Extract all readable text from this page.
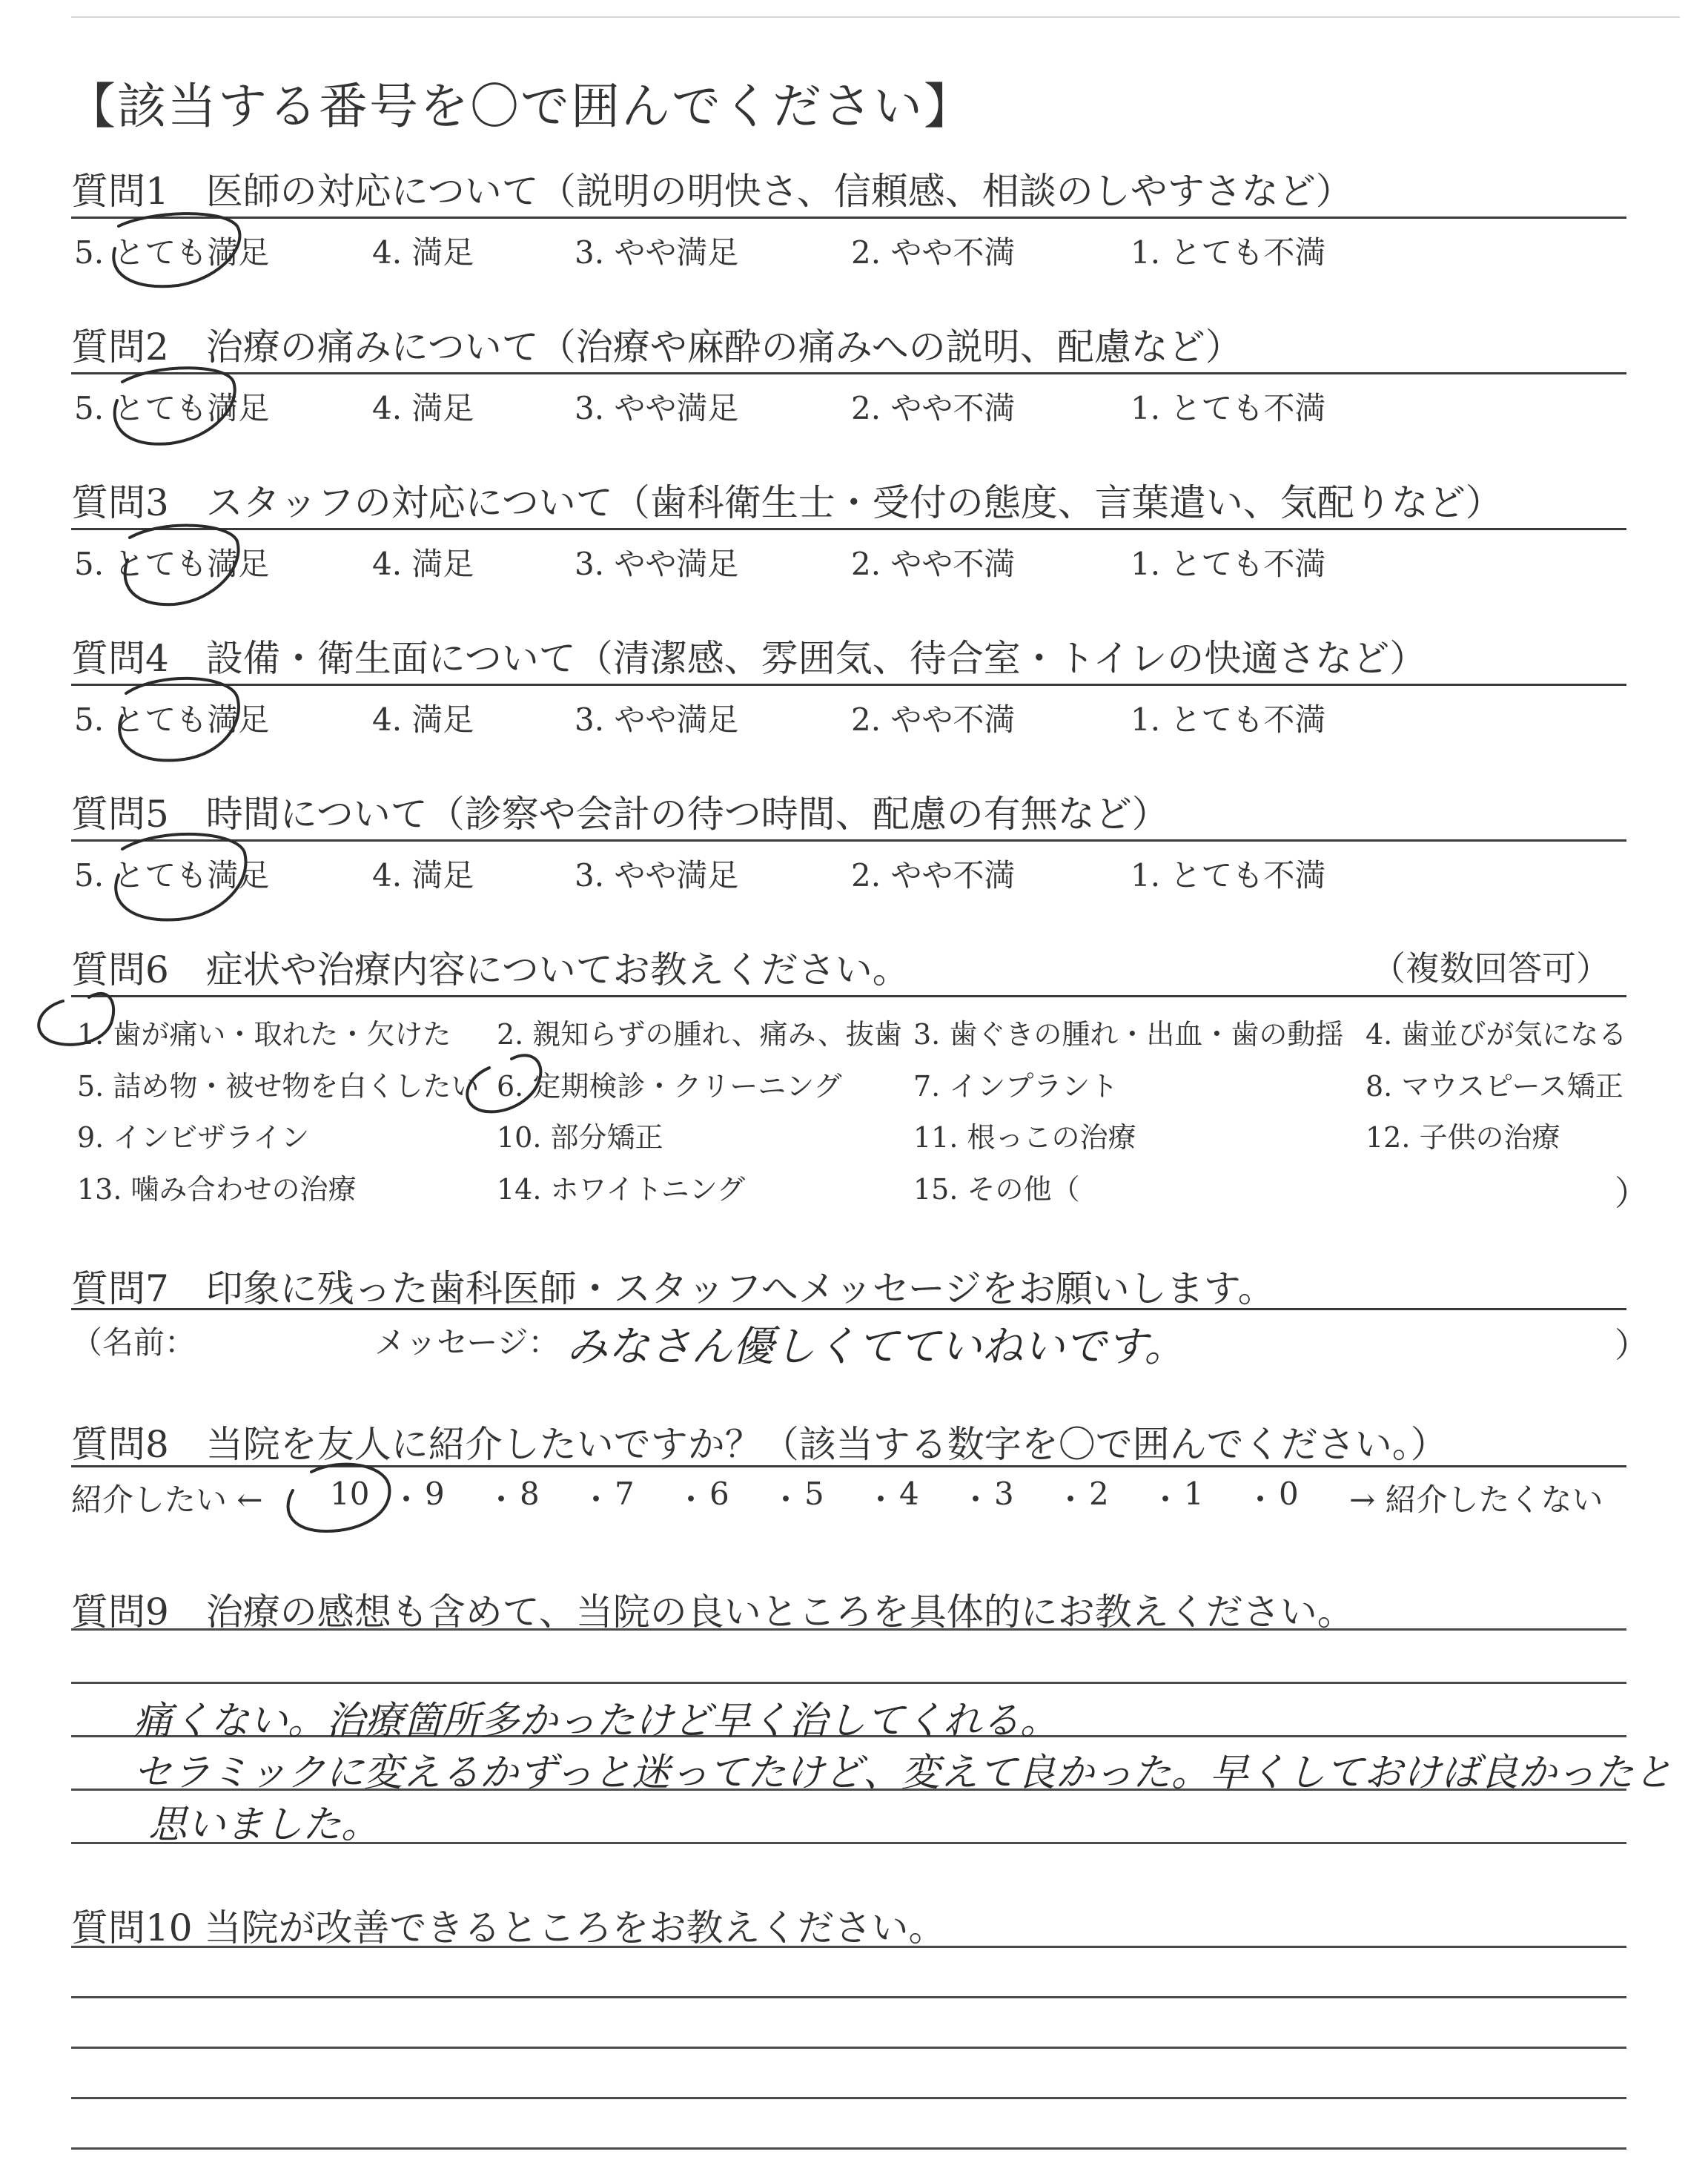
【該当する番号を〇で囲んでください】
質問1　医師の対応について（説明の明快さ、信頼感、相談のしやすさなど）
5. とても満足	4. 満足	3. やや満足	2. やや不満	1. とても不満
質問2　治療の痛みについて（治療や麻酔の痛みへの説明、配慮など）
5. とても満足	4. 満足	3. やや満足	2. やや不満	1. とても不満
質問3　スタッフの対応について（歯科衛生士・受付の態度、言葉遣い、気配りなど）
5. とても満足	4. 満足	3. やや満足	2. やや不満	1. とても不満
質問4　設備・衛生面について（清潔感、雰囲気、待合室・トイレの快適さなど）
5. とても満足	4. 満足	3. やや満足	2. やや不満	1. とても不満
質問5　時間について（診察や会計の待つ時間、配慮の有無など）
5. とても満足	4. 満足	3. やや満足	2. やや不満	1. とても不満
質問6　症状や治療内容についてお教えください。	（複数回答可）
1. 歯が痛い・取れた・欠けた 2. 親知らずの腫れ、痛み、抜歯 3. 歯ぐきの腫れ・出血・歯の動揺 4. 歯並びが気になる
5. 詰め物・被せ物を白くしたい 6. 定期検診・クリーニング	7. インプラント	8. マウスピース矯正
9. インビザライン	10. 部分矯正	11. 根っこの治療	12. 子供の治療
13. 噛み合わせの治療	14. ホワイトニング	15. その他（	）
質問7　印象に残った歯科医師・スタッフへメッセージをお願いします。
（名前：	メッセージ： みなさん優しくてていねいです。	）
質問8　当院を友人に紹介したいですか？（該当する数字を〇で囲んでください。）
紹介したい ← 10 ・ 9 ・ 8 ・ 7 ・ 6 ・ 5 ・ 4 ・ 3 ・ 2 ・ 1 ・ 0 → 紹介したくない
質問9　治療の感想も含めて、当院の良いところを具体的にお教えください。
痛くない。治療箇所多かったけど早く治してくれる。
セラミックに変えるかずっと迷ってたけど、変えて良かった。早くしておけば良かったと
思いました。
質問10 当院が改善できるところをお教えください。
